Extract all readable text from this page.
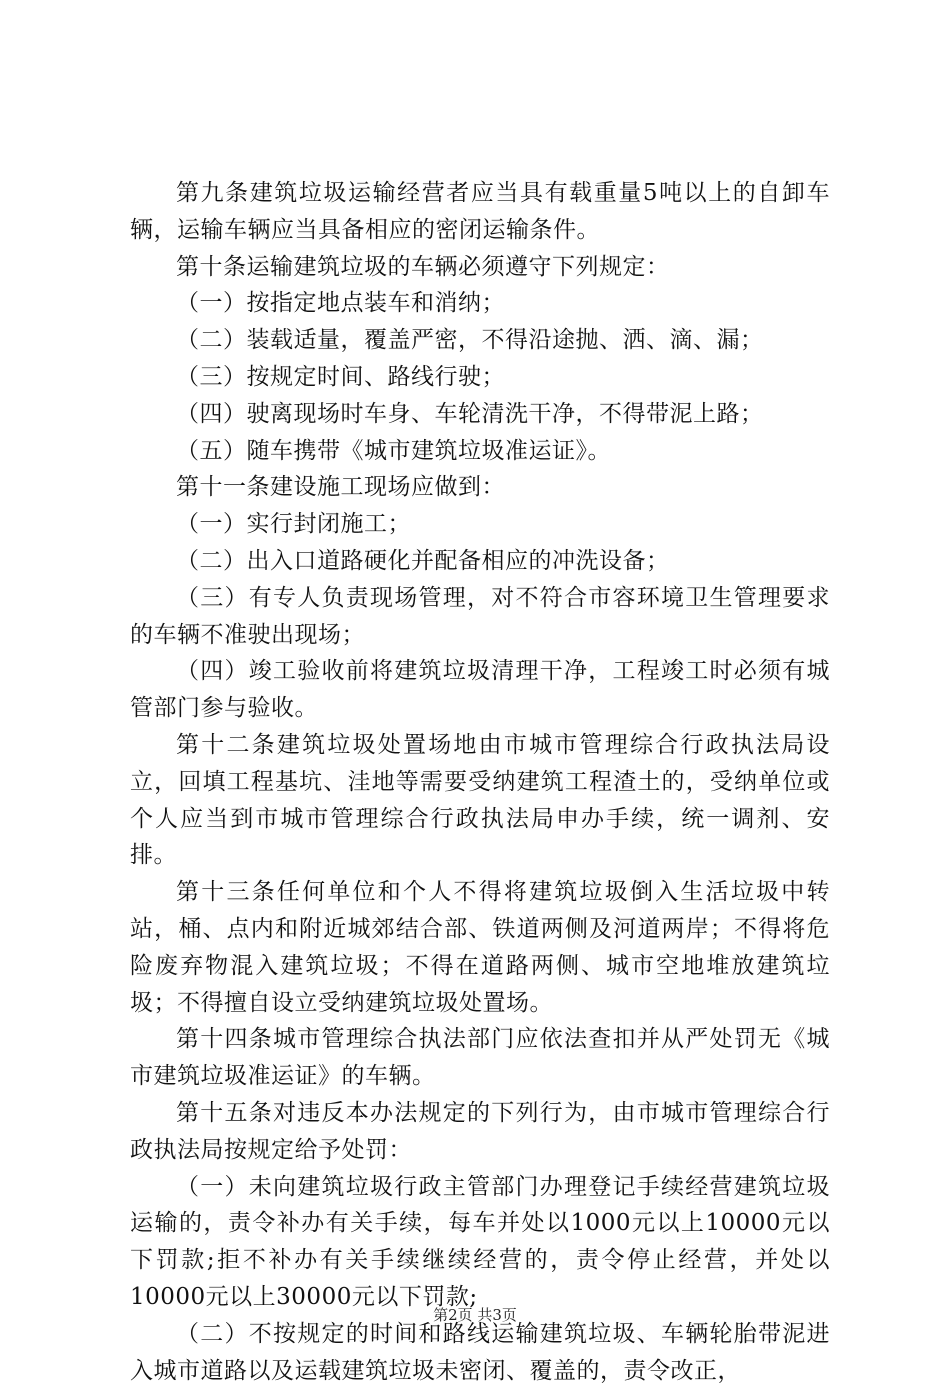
第九条建筑垃圾运输经营者应当具有载重量5吨以上的自卸车辆，运输车辆应当具备相应的密闭运输条件。

第十条运输建筑垃圾的车辆必须遵守下列规定：

（一）按指定地点装车和消纳；

（二）装载适量，覆盖严密，不得沿途抛、洒、滴、漏；

（三）按规定时间、路线行驶；

（四）驶离现场时车身、车轮清洗干净，不得带泥上路；

（五）随车携带《城市建筑垃圾准运证》。

第十一条建设施工现场应做到：

（一）实行封闭施工；

（二）出入口道路硬化并配备相应的冲洗设备；

（三）有专人负责现场管理，对不符合市容环境卫生管理要求的车辆不准驶出现场；

（四）竣工验收前将建筑垃圾清理干净，工程竣工时必须有城管部门参与验收。

第十二条建筑垃圾处置场地由市城市管理综合行政执法局设立，回填工程基坑、洼地等需要受纳建筑工程渣土的，受纳单位或个人应当到市城市管理综合行政执法局申办手续，统一调剂、安排。

第十三条任何单位和个人不得将建筑垃圾倒入生活垃圾中转站，桶、点内和附近城郊结合部、铁道两侧及河道两岸；不得将危险废弃物混入建筑垃圾；不得在道路两侧、城市空地堆放建筑垃圾；不得擅自设立受纳建筑垃圾处置场。

第十四条城市管理综合执法部门应依法查扣并从严处罚无《城市建筑垃圾准运证》的车辆。

第十五条对违反本办法规定的下列行为，由市城市管理综合行政执法局按规定给予处罚：

（一）未向建筑垃圾行政主管部门办理登记手续经营建筑垃圾运输的，责令补办有关手续，每车并处以1000元以上10000元以下罚款;拒不补办有关手续继续经营的，责令停止经营，并处以10000元以上30000元以下罚款;

（二）不按规定的时间和路线运输建筑垃圾、车辆轮胎带泥进入城市道路以及运载建筑垃圾未密闭、覆盖的，责令改正，

第2页 共3页
